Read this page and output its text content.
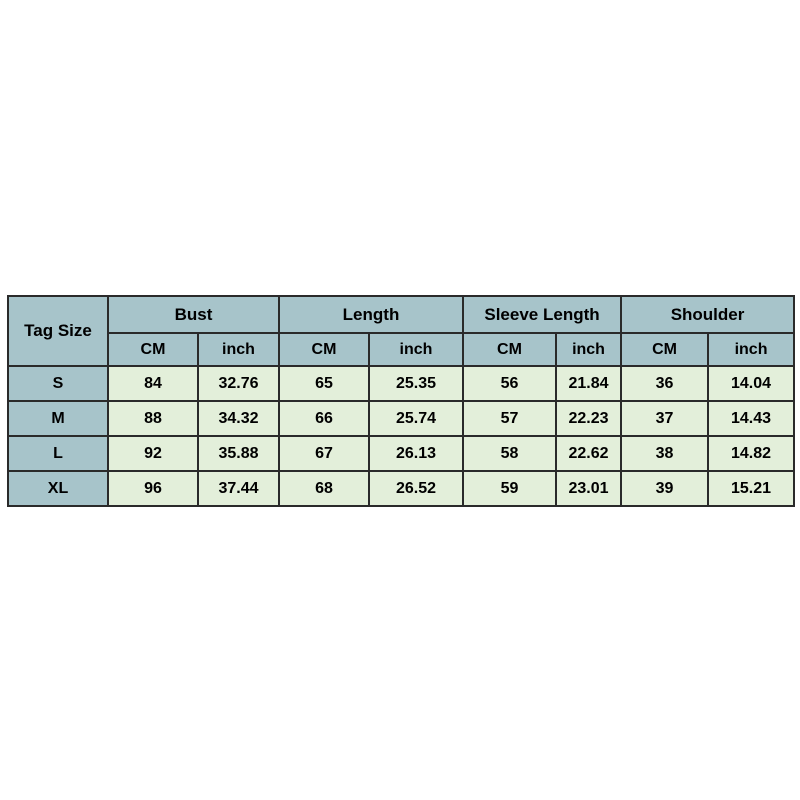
Tag Size	Bust		Length		Sleeve Length		Shoulder	
	CM	inch	CM	inch	CM	inch	CM	inch
S	84	32.76	65	25.35	56	21.84	36	14.04
M	88	34.32	66	25.74	57	22.23	37	14.43
L	92	35.88	67	26.13	58	22.62	38	14.82
XL	96	37.44	68	26.52	59	23.01	39	15.21
